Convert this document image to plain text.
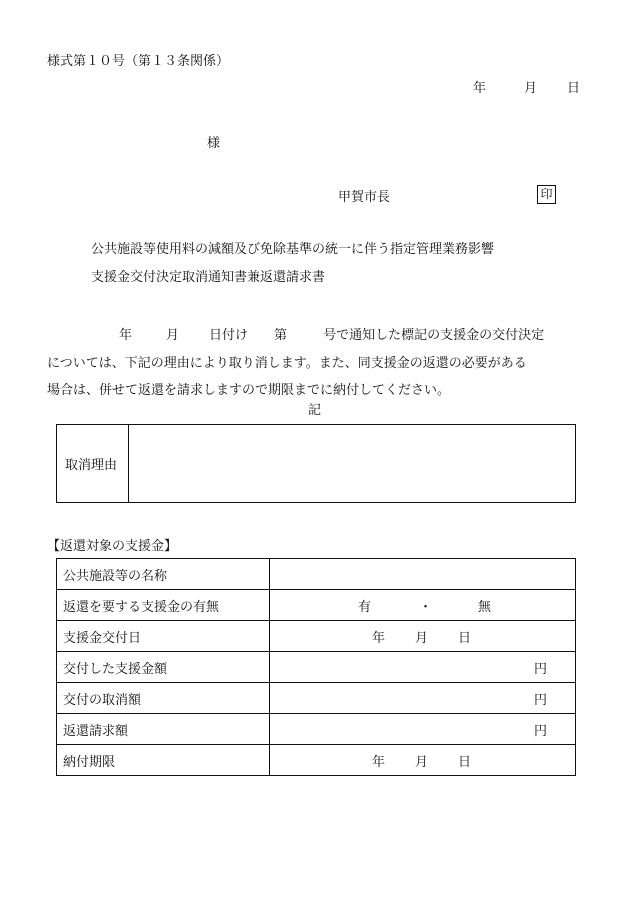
様式第１０号（第１３条関係）
年	月 日
様
甲賀市長	印
公共施設等使用料の減額及び免除基準の統一に伴う指定管理業務影響
支援金交付決定取消通知書兼返還請求書

年	月 日付け 第	号で通知した標記の支援金の交付決定

については、下記の理由により取り消します。また、同支援金の返還の必要がある

場合は、併せて返還を請求しますので期限までに納付してください。

記
取消理由
【返還対象の支援金】
公共施設等の名称	
返還を要する支援金の有無	有 ・ 無
支援金交付日	年 月 日
交付した支援金額	円
交付の取消額	円
返還請求額	円
納付期限	年 月 日
